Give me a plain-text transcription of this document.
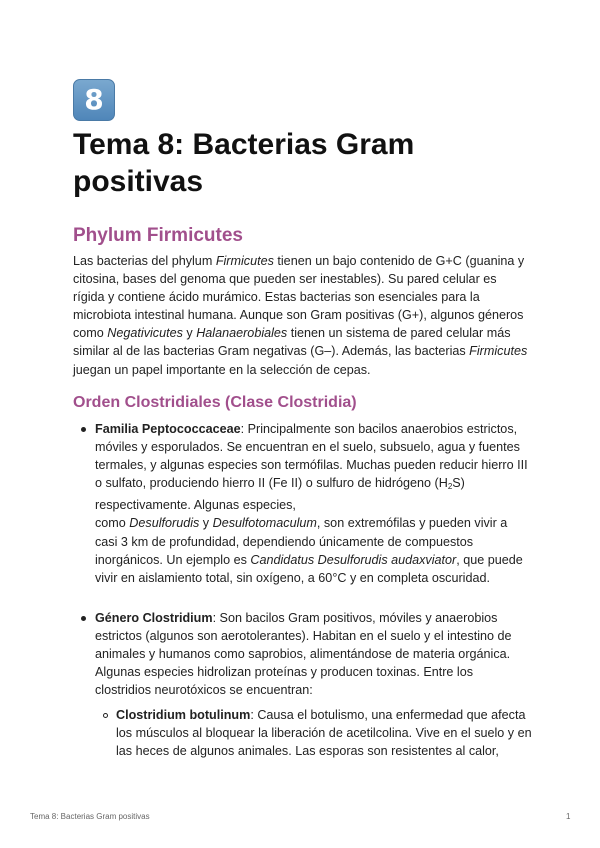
8
Tema 8: Bacterias Gram positivas
Phylum Firmicutes

Las bacterias del phylum Firmicutes tienen un bajo contenido de G+C (guanina y citosina, bases del genoma que pueden ser inestables). Su pared celular es rígida y contiene ácido murámico. Estas bacterias son esenciales para la microbiota intestinal humana. Aunque son Gram positivas (G+), algunos géneros como Negativicutes y Halanaerobiales tienen un sistema de pared celular más similar al de las bacterias Gram negativas (G–). Además, las bacterias Firmicutes juegan un papel importante en la selección de cepas.

Orden Clostridiales (Clase Clostridia)

Familia Peptococcaceae: Principalmente son bacilos anaerobios estrictos, móviles y esporulados. Se encuentran en el suelo, subsuelo, agua y fuentes termales, y algunas especies son termófilas. Muchas pueden reducir hierro III o sulfato, produciendo hierro II (Fe II) o sulfuro de hidrógeno $(H_2S)$ respectivamente. Algunas especies,
como Desulforudis y Desulfotomaculum, son extremófilas y pueden vivir a casi 3 km de profundidad, dependiendo únicamente de compuestos inorgánicos. Un ejemplo es Candidatus Desulforudis audaxviator, que puede vivir en aislamiento total, sin oxígeno, a 60°C y en completa oscuridad.

Género Clostridium: Son bacilos Gram positivos, móviles y anaerobios estrictos (algunos son aerotolerantes). Habitan en el suelo y el intestino de animales y humanos como saprobios, alimentándose de materia orgánica. Algunas especies hidrolizan proteínas y producen toxinas. Entre los clostridios neurotóxicos se encuentran:

Clostridium botulinum: Causa el botulismo, una enfermedad que afecta los músculos al bloquear la liberación de acetilcolina. Vive en el suelo y en las heces de algunos animales. Las esporas son resistentes al calor,

Tema 8: Bacterias Gram positivas	1
